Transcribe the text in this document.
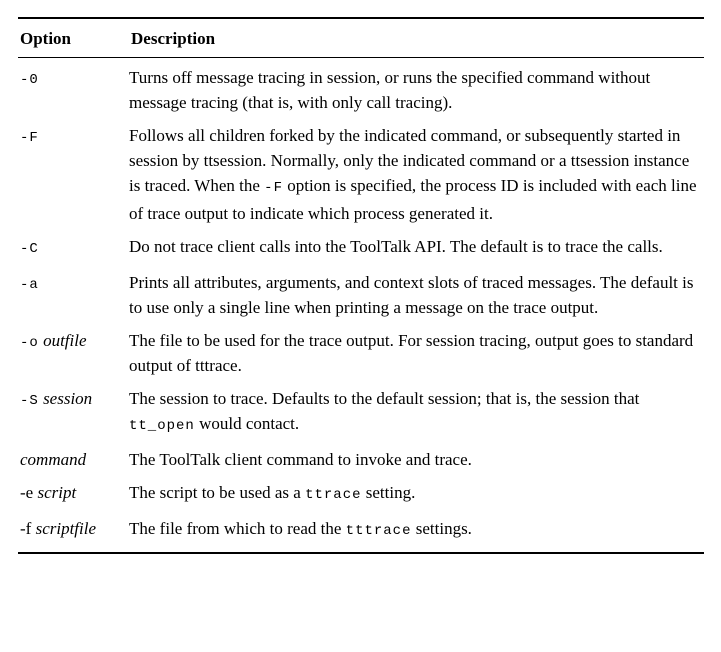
Option	Description
-0	Turns off message tracing in session, or runs the specified command without message tracing (that is, with only call tracing).
-F	Follows all children forked by the indicated command, or subsequently started in session by ttsession. Normally, only the indicated command or a ttsession instance is traced. When the -F option is specified, the process ID is included with each line of trace output to indicate which process generated it.
-C	Do not trace client calls into the ToolTalk API. The default is to trace the calls.
-a	Prints all attributes, arguments, and context slots of traced messages. The default is to use only a single line when printing a message on the trace output.
-o outfile	The file to be used for the trace output. For session tracing, output goes to standard output of tttrace.
-S session	The session to trace. Defaults to the default session; that is, the session that tt_open would contact.
command	The ToolTalk client command to invoke and trace.
-e script	The script to be used as a ttrace setting.
-f scriptfile	The file from which to read the tttrace settings.
